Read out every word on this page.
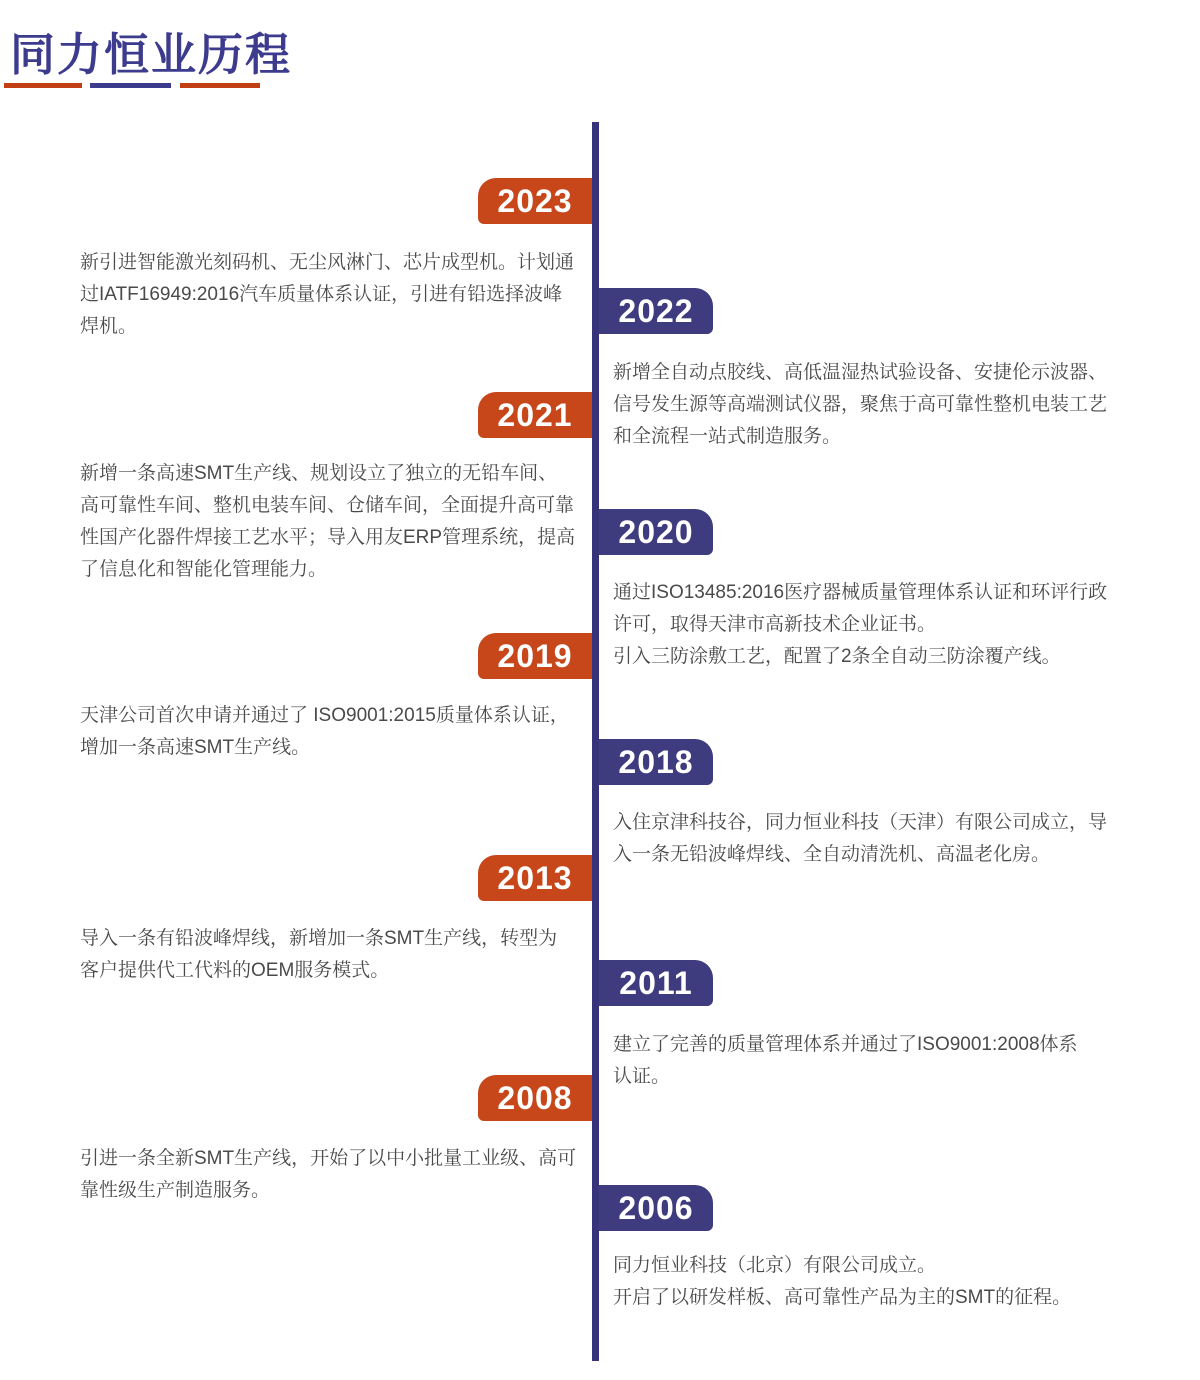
同力恒业历程
2023
新引进智能激光刻码机、无尘风淋门、芯片成型机。计划通
过IATF16949:2016汽车质量体系认证，引进有铅选择波峰
焊机。	2022
新增全自动点胶线、高低温湿热试验设备、安捷伦示波器、
信号发生源等高端测试仪器，聚焦于高可靠性整机电装工艺
和全流程一站式制造服务。
2021
新增一条高速SMT生产线、规划设立了独立的无铅车间、
高可靠性车间、整机电装车间、仓储车间，全面提升高可靠
性国产化器件焊接工艺水平；导入用友ERP管理系统，提高
了信息化和智能化管理能力。
2020
通过ISO13485:2016医疗器械质量管理体系认证和环评行政
许可，取得天津市高新技术企业证书。
引入三防涂敷工艺，配置了2条全自动三防涂覆产线。
2019
天津公司首次申请并通过了 ISO9001:2015质量体系认证，
增加一条高速SMT生产线。	2018
入住京津科技谷，同力恒业科技（天津）有限公司成立，导
入一条无铅波峰焊线、全自动清洗机、高温老化房。
2013
导入一条有铅波峰焊线，新增加一条SMT生产线，转型为
客户提供代工代料的OEM服务模式。	2011
建立了完善的质量管理体系并通过了ISO9001:2008体系
认证。
2008
引进一条全新SMT生产线，开始了以中小批量工业级、高可
靠性级生产制造服务。	2006
同力恒业科技（北京）有限公司成立。
开启了以研发样板、高可靠性产品为主的SMT的征程。
